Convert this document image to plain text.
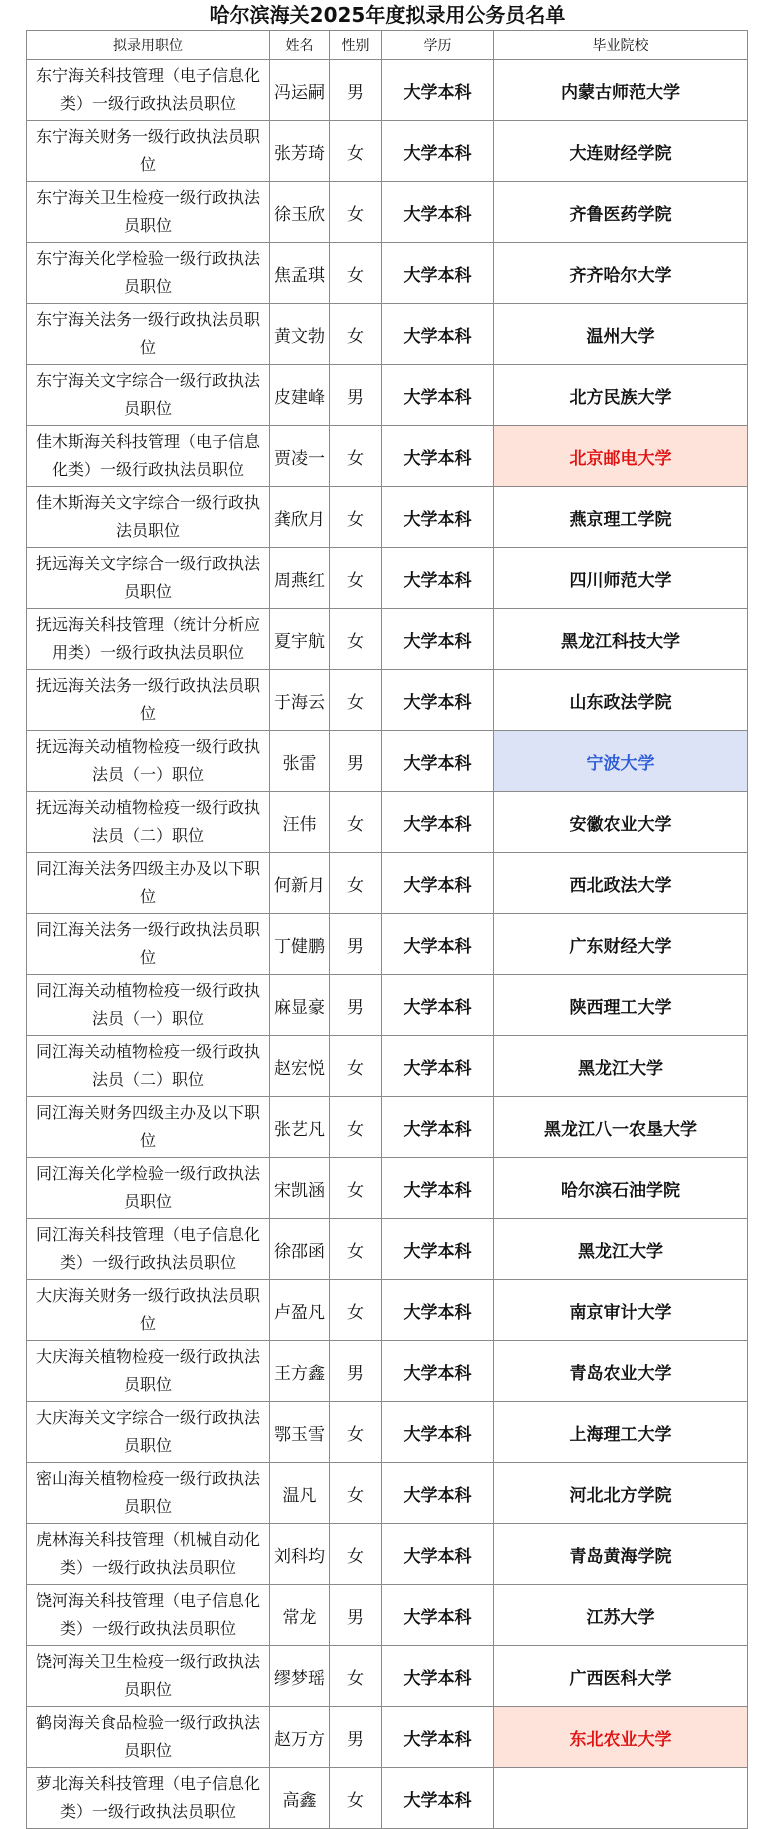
哈尔滨海关2025年度拟录用公务员名单
拟录用职位	姓名	性别	学历	毕业院校
东宁海关科技管理（电子信息化类）一级行政执法员职位	冯运嗣	男	大学本科	内蒙古师范大学
东宁海关财务一级行政执法员职位	张芳琦	女	大学本科	大连财经学院
东宁海关卫生检疫一级行政执法员职位	徐玉欣	女	大学本科	齐鲁医药学院
东宁海关化学检验一级行政执法员职位	焦孟琪	女	大学本科	齐齐哈尔大学
东宁海关法务一级行政执法员职位	黄文勃	女	大学本科	温州大学
东宁海关文字综合一级行政执法员职位	皮建峰	男	大学本科	北方民族大学
佳木斯海关科技管理（电子信息化类）一级行政执法员职位	贾凌一	女	大学本科	北京邮电大学
佳木斯海关文字综合一级行政执法员职位	龚欣月	女	大学本科	燕京理工学院
抚远海关文字综合一级行政执法员职位	周燕红	女	大学本科	四川师范大学
抚远海关科技管理（统计分析应用类）一级行政执法员职位	夏宇航	女	大学本科	黑龙江科技大学
抚远海关法务一级行政执法员职位	于海云	女	大学本科	山东政法学院
抚远海关动植物检疫一级行政执法员（一）职位	张雷	男	大学本科	宁波大学
抚远海关动植物检疫一级行政执法员（二）职位	汪伟	女	大学本科	安徽农业大学
同江海关法务四级主办及以下职位	何新月	女	大学本科	西北政法大学
同江海关法务一级行政执法员职位	丁健鹏	男	大学本科	广东财经大学
同江海关动植物检疫一级行政执法员（一）职位	麻显豪	男	大学本科	陕西理工大学
同江海关动植物检疫一级行政执法员（二）职位	赵宏悦	女	大学本科	黑龙江大学
同江海关财务四级主办及以下职位	张艺凡	女	大学本科	黑龙江八一农垦大学
同江海关化学检验一级行政执法员职位	宋凯涵	女	大学本科	哈尔滨石油学院
同江海关科技管理（电子信息化类）一级行政执法员职位	徐邵函	女	大学本科	黑龙江大学
大庆海关财务一级行政执法员职位	卢盈凡	女	大学本科	南京审计大学
大庆海关植物检疫一级行政执法员职位	王方鑫	男	大学本科	青岛农业大学
大庆海关文字综合一级行政执法员职位	鄂玉雪	女	大学本科	上海理工大学
密山海关植物检疫一级行政执法员职位	温凡	女	大学本科	河北北方学院
虎林海关科技管理（机械自动化类）一级行政执法员职位	刘科均	女	大学本科	青岛黄海学院
饶河海关科技管理（电子信息化类）一级行政执法员职位	常龙	男	大学本科	江苏大学
饶河海关卫生检疫一级行政执法员职位	缪梦瑶	女	大学本科	广西医科大学
鹤岗海关食品检验一级行政执法员职位	赵万方	男	大学本科	东北农业大学
萝北海关科技管理（电子信息化类）一级行政执法员职位	高鑫	女	大学本科	
